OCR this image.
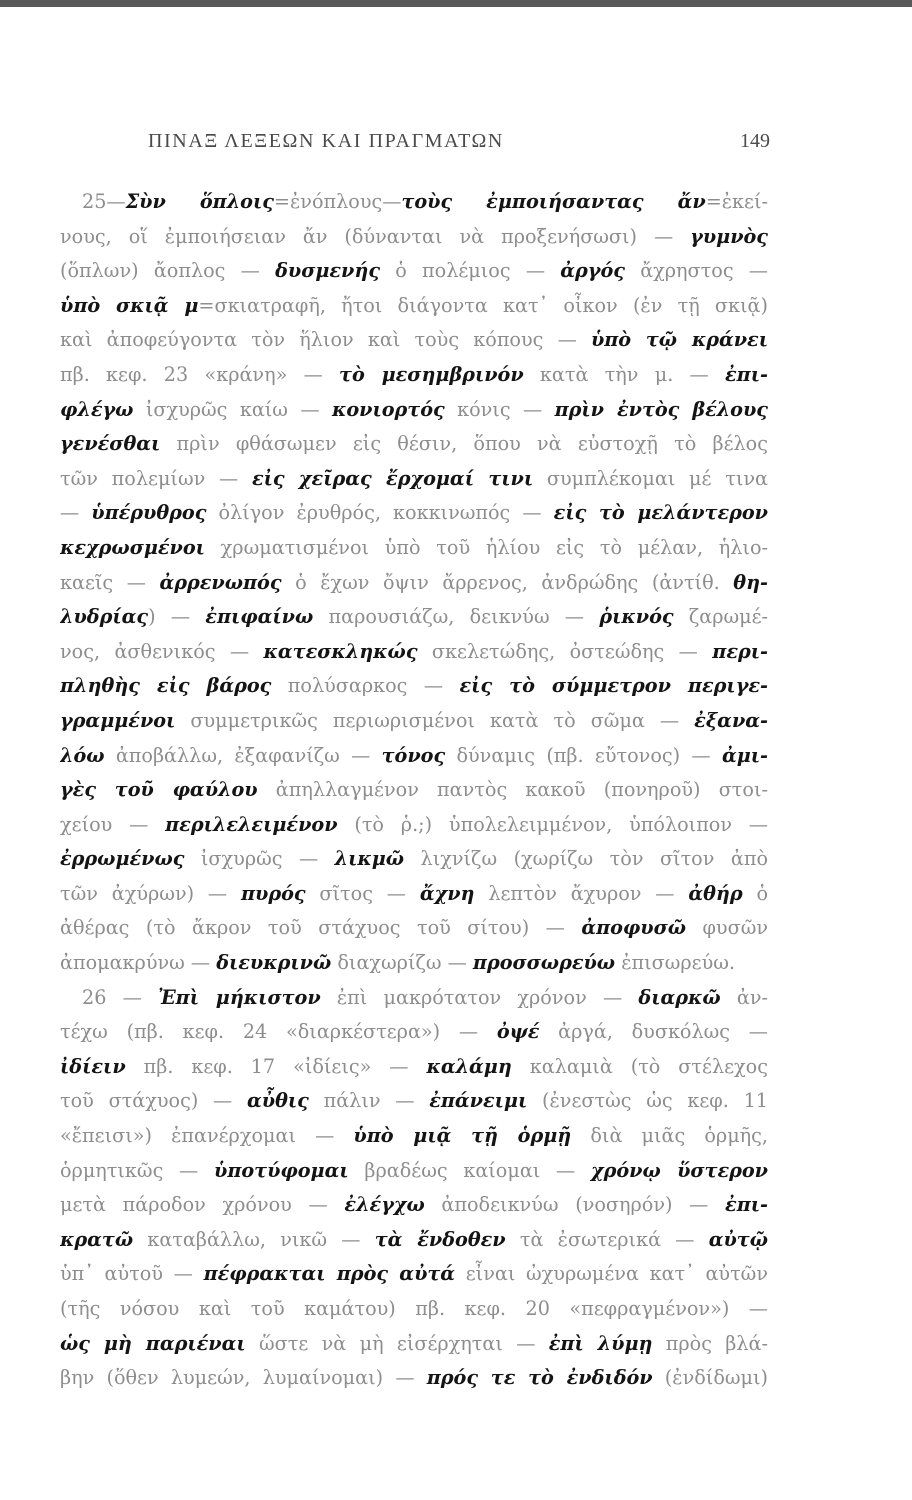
ΠΙΝΑΞ ΛΕΞΕΩΝ ΚΑΙ ΠΡΑΓΜΑΤΩΝ	149
25—Σὺν ὅπλοις=ἐνόπλους—τοὺς ἐμποιήσαντας ἄν=ἐκεί-
νους, οἵ ἐμποιήσειαν ἄν (δύνανται νὰ προξενήσωσι) — γυμνὸς
(ὅπλων) ἄοπλος — δυσμενής ὁ πολέμιος — ἀργός ἄχρηστος —
ὑπὸ σκιᾷ μ=σκιατραφῆ, ἤτοι διάγοντα κατ᾽ οἶκον (ἐν τῇ σκιᾷ)
καὶ ἀποφεύγοντα τὸν ἥλιον καὶ τοὺς κόπους — ὑπὸ τῷ κράνει
πβ. κεφ. 23 «κράνη» — τὸ μεσημβρινόν κατὰ τὴν μ. — ἐπι-
φλέγω ἰσχυρῶς καίω — κονιορτός κόνις — πρὶν ἐντὸς βέλους
γενέσθαι πρὶν φθάσωμεν εἰς θέσιν, ὅπου νὰ εὐστοχῇ τὸ βέλος
τῶν πολεμίων — εἰς χεῖρας ἔρχομαί τινι συμπλέκομαι μέ τινα
— ὑπέρυθρος ὀλίγον ἐρυθρός, κοκκινωπός — εἰς τὸ μελάντερον
κεχρωσμένοι χρωματισμένοι ὑπὸ τοῦ ἡλίου εἰς τὸ μέλαν, ἡλιο-
καεῖς — ἀρρενωπός ὁ ἔχων ὄψιν ἄρρενος, ἀνδρώδης (ἀντίθ. θη-
λυδρίας) — ἐπιφαίνω παρουσιάζω, δεικνύω — ῥικνός ζαρωμέ-
νος, ἀσθενικός — κατεσκληκώς σκελετώδης, ὀστεώδης — περι-
πληθὴς εἰς βάρος πολύσαρκος — εἰς τὸ σύμμετρον περιγε-
γραμμένοι συμμετρικῶς περιωρισμένοι κατὰ τὸ σῶμα — ἐξανα-
λόω ἀποβάλλω, ἐξαφανίζω — τόνος δύναμις (πβ. εὔτονος) — ἀμι-
γὲς τοῦ φαύλου ἀπηλλαγμένον παντὸς κακοῦ (πονηροῦ) στοι-
χείου — περιλελειμένον (τὸ ῥ.;) ὑπολελειμμένον, ὑπόλοιπον —
ἐρρωμένως ἰσχυρῶς — λικμῶ λιχνίζω (χωρίζω τὸν σῖτον ἀπὸ
τῶν ἀχύρων) — πυρός σῖτος — ἄχνη λεπτὸν ἄχυρον — ἀθήρ ὁ
ἀθέρας (τὸ ἄκρον τοῦ στάχυος τοῦ σίτου) — ἀποφυσῶ φυσῶν
ἀπομακρύνω — διευκρινῶ διαχωρίζω — προσσωρεύω ἐπισωρεύω.
26 — Ἐπὶ μήκιστον ἐπὶ μακρότατον χρόνον — διαρκῶ ἀν-
τέχω (πβ. κεφ. 24 «διαρκέστερα») — ὀψέ ἀργά, δυσκόλως —
ἰδίειν πβ. κεφ. 17 «ἰδίεις» — καλάμη καλαμιὰ (τὸ στέλεχος
τοῦ στάχυος) — αὖθις πάλιν — ἐπάνειμι (ἐνεστὼς ὡς κεφ. 11
«ἔπεισι») ἐπανέρχομαι — ὑπὸ μιᾷ τῇ ὁρμῇ διὰ μιᾶς ὁρμῆς,
ὁρμητικῶς — ὑποτύφομαι βραδέως καίομαι — χρόνῳ ὕστερον
μετὰ πάροδον χρόνου — ἐλέγχω ἀποδεικνύω (νοσηρόν) — ἐπι-
κρατῶ καταβάλλω, νικῶ — τὰ ἔνδοθεν τὰ ἐσωτερικά — αὐτῷ
ὑπ᾽ αὐτοῦ — πέφρακται πρὸς αὐτά εἶναι ὠχυρωμένα κατ᾽ αὐτῶν
(τῆς νόσου καὶ τοῦ καμάτου) πβ. κεφ. 20 «πεφραγμένον») —
ὡς μὴ παριέναι ὥστε νὰ μὴ εἰσέρχηται — ἐπὶ λύμῃ πρὸς βλά-
βην (ὅθεν λυμεών, λυμαίνομαι) — πρός τε τὸ ἐνδιδόν (ἐνδίδωμι)
